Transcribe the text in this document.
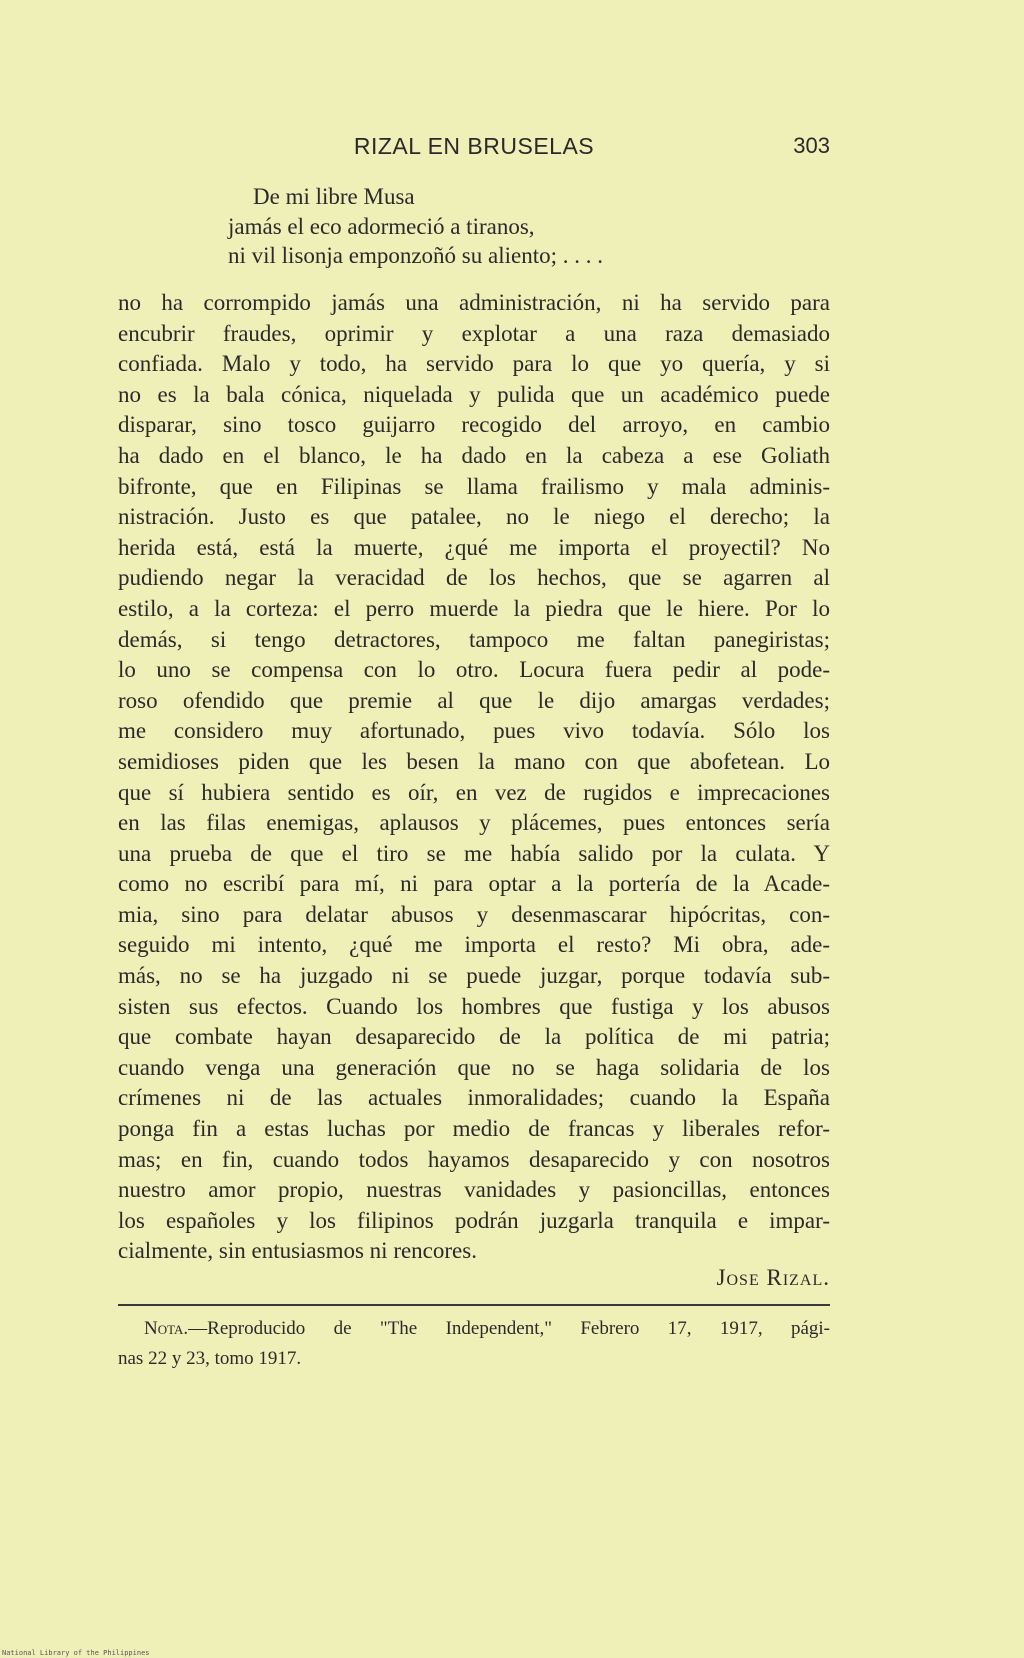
RIZAL EN BRUSELAS	303
De mi libre Musa
jamás el eco adormeció a tiranos,
ni vil lisonja emponzoñó su aliento; . . . .
no ha corrompido jamás una administración, ni ha servido para
encubrir fraudes, oprimir y explotar a una raza demasiado
confiada. Malo y todo, ha servido para lo que yo quería, y si
no es la bala cónica, niquelada y pulida que un académico puede
disparar, sino tosco guijarro recogido del arroyo, en cambio
ha dado en el blanco, le ha dado en la cabeza a ese Goliath
bifronte, que en Filipinas se llama frailismo y mala adminis-
nistración. Justo es que patalee, no le niego el derecho; la
herida está, está la muerte, ¿qué me importa el proyectil? No
pudiendo negar la veracidad de los hechos, que se agarren al
estilo, a la corteza: el perro muerde la piedra que le hiere. Por lo
demás, si tengo detractores, tampoco me faltan panegiristas;
lo uno se compensa con lo otro. Locura fuera pedir al pode-
roso ofendido que premie al que le dijo amargas verdades;
me considero muy afortunado, pues vivo todavía. Sólo los
semidioses piden que les besen la mano con que abofetean. Lo
que sí hubiera sentido es oír, en vez de rugidos e imprecaciones
en las filas enemigas, aplausos y plácemes, pues entonces sería
una prueba de que el tiro se me había salido por la culata. Y
como no escribí para mí, ni para optar a la portería de la Acade-
mia, sino para delatar abusos y desenmascarar hipócritas, con-
seguido mi intento, ¿qué me importa el resto? Mi obra, ade-
más, no se ha juzgado ni se puede juzgar, porque todavía sub-
sisten sus efectos. Cuando los hombres que fustiga y los abusos
que combate hayan desaparecido de la política de mi patria;
cuando venga una generación que no se haga solidaria de los
crímenes ni de las actuales inmoralidades; cuando la España
ponga fin a estas luchas por medio de francas y liberales refor-
mas; en fin, cuando todos hayamos desaparecido y con nosotros
nuestro amor propio, nuestras vanidades y pasioncillas, entonces
los españoles y los filipinos podrán juzgarla tranquila e impar-
cialmente, sin entusiasmos ni rencores.
Jose Rizal.
Nota.—Reproducido de "The Independent," Febrero 17, 1917, pági-
nas 22 y 23, tomo 1917.
National Library of the Philippines
